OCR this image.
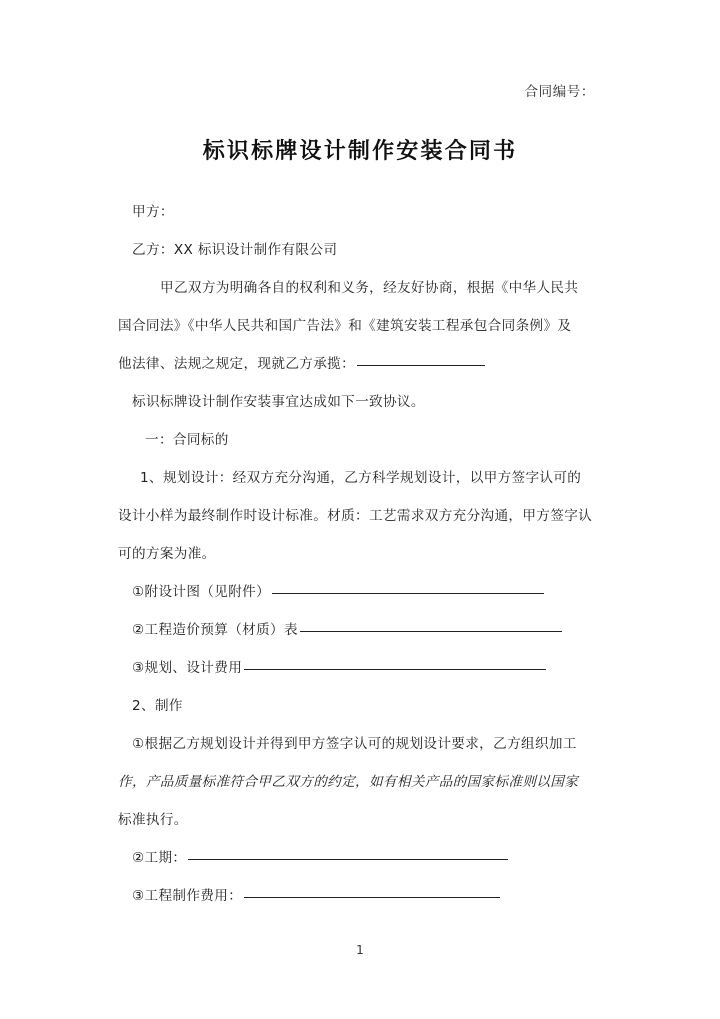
合同编号：
标识标牌设计制作安装合同书
甲方：
乙方：XX 标识设计制作有限公司
甲乙双方为明确各自的权利和义务，经友好协商，根据《中华人民共
国合同法》《中华人民共和国广告法》和《建筑安装工程承包合同条例》及
他法律、法规之规定，现就乙方承揽：
标识标牌设计制作安装事宜达成如下一致协议。
一：合同标的
1、规划设计：经双方充分沟通，乙方科学规划设计，以甲方签字认可的
设计小样为最终制作时设计标准。材质：工艺需求双方充分沟通，甲方签字认
可的方案为准。
①附设计图（见附件）
②工程造价预算（材质）表
③规划、设计费用
2、制作
①根据乙方规划设计并得到甲方签字认可的规划设计要求，乙方组织加工
作，产品质量标准符合甲乙双方的约定，如有相关产品的国家标准则以国家
标准执行。
②工期：
③工程制作费用：
1
